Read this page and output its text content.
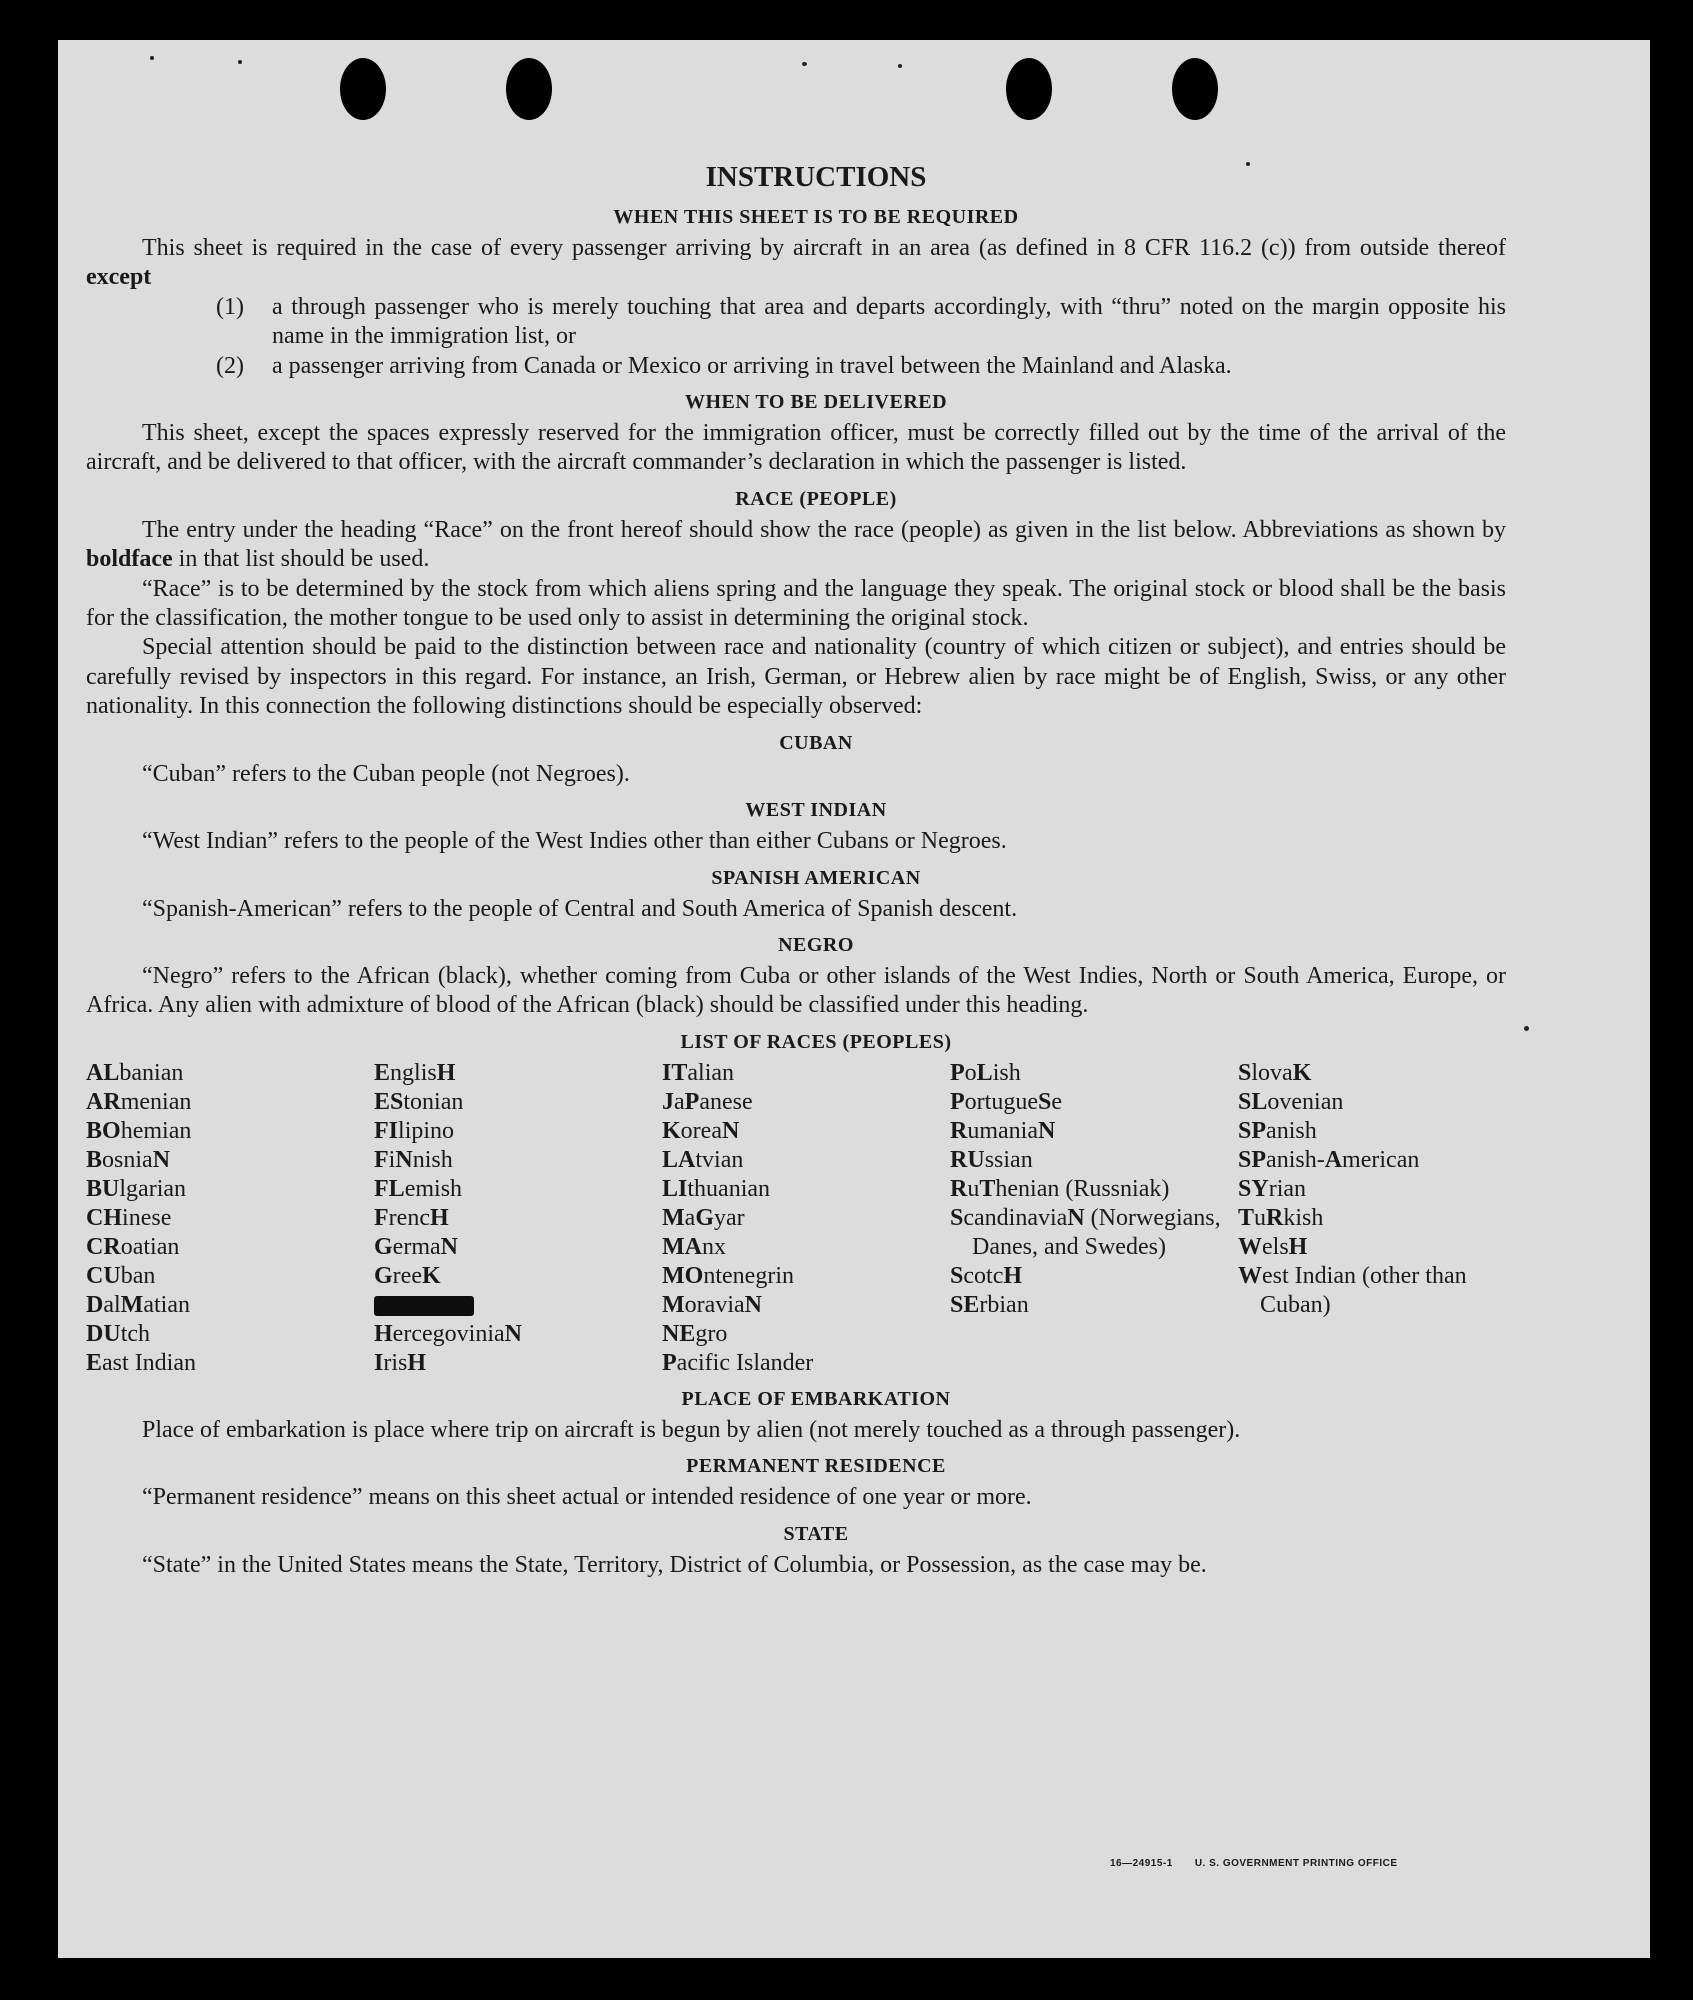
INSTRUCTIONS
WHEN THIS SHEET IS TO BE REQUIRED

This sheet is required in the case of every passenger arriving by aircraft in an area (as defined in 8 CFR 116.2 (c)) from outside thereof except

(1)	a through passenger who is merely touching that area and departs accordingly, with “thru” noted on the margin opposite his name in the immigration list, or
(2)	a passenger arriving from Canada or Mexico or arriving in travel between the Mainland and Alaska.
WHEN TO BE DELIVERED

This sheet, except the spaces expressly reserved for the immigration officer, must be correctly filled out by the time of the arrival of the aircraft, and be delivered to that officer, with the aircraft commander’s declaration in which the passenger is listed.

RACE (PEOPLE)

The entry under the heading “Race” on the front hereof should show the race (people) as given in the list below. Abbreviations as shown by boldface in that list should be used.

“Race” is to be determined by the stock from which aliens spring and the language they speak. The original stock or blood shall be the basis for the classification, the mother tongue to be used only to assist in determining the original stock.

Special attention should be paid to the distinction between race and nationality (country of which citizen or subject), and entries should be carefully revised by inspectors in this regard. For instance, an Irish, German, or Hebrew alien by race might be of English, Swiss, or any other nationality. In this connection the following distinctions should be especially observed:

CUBAN

“Cuban” refers to the Cuban people (not Negroes).

WEST INDIAN

“West Indian” refers to the people of the West Indies other than either Cubans or Negroes.

SPANISH AMERICAN

“Spanish-American” refers to the people of Central and South America of Spanish descent.

NEGRO

“Negro” refers to the African (black), whether coming from Cuba or other islands of the West Indies, North or South America, Europe, or Africa. Any alien with admixture of blood of the African (black) should be classified under this heading.

LIST OF RACES (PEOPLES)
ALbanian
ARmenian
BOhemian
BosniaN
BUlgarian
CHinese
CRoatian
CUban
DalMatian
DUtch
East Indian
EnglisH
EStonian
FIlipino
FiNnish
FLemish
FrencH
GermaN
GreeK
HercegoviniaN
IrisH
ITalian
JaPanese
KoreaN
LAtvian
LIthuanian
MaGyar
MAnx
MOntenegrin
MoraviaN
NEgro
Pacific Islander
PoLish
PortugueSe
RumaniaN
RUssian
RuThenian (Russniak)
ScandinaviaN (Norwegians, Danes, and Swedes)
ScotcH
SErbian
SlovaK
SLovenian
SPanish
SPanish-American
SYrian
TuRkish
WelsH
West Indian (other than Cuban)
PLACE OF EMBARKATION

Place of embarkation is place where trip on aircraft is begun by alien (not merely touched as a through passenger).

PERMANENT RESIDENCE

“Permanent residence” means on this sheet actual or intended residence of one year or more.

STATE

“State” in the United States means the State, Territory, District of Columbia, or Possession, as the case may be.

16—24915-1 U. S. GOVERNMENT PRINTING OFFICE
